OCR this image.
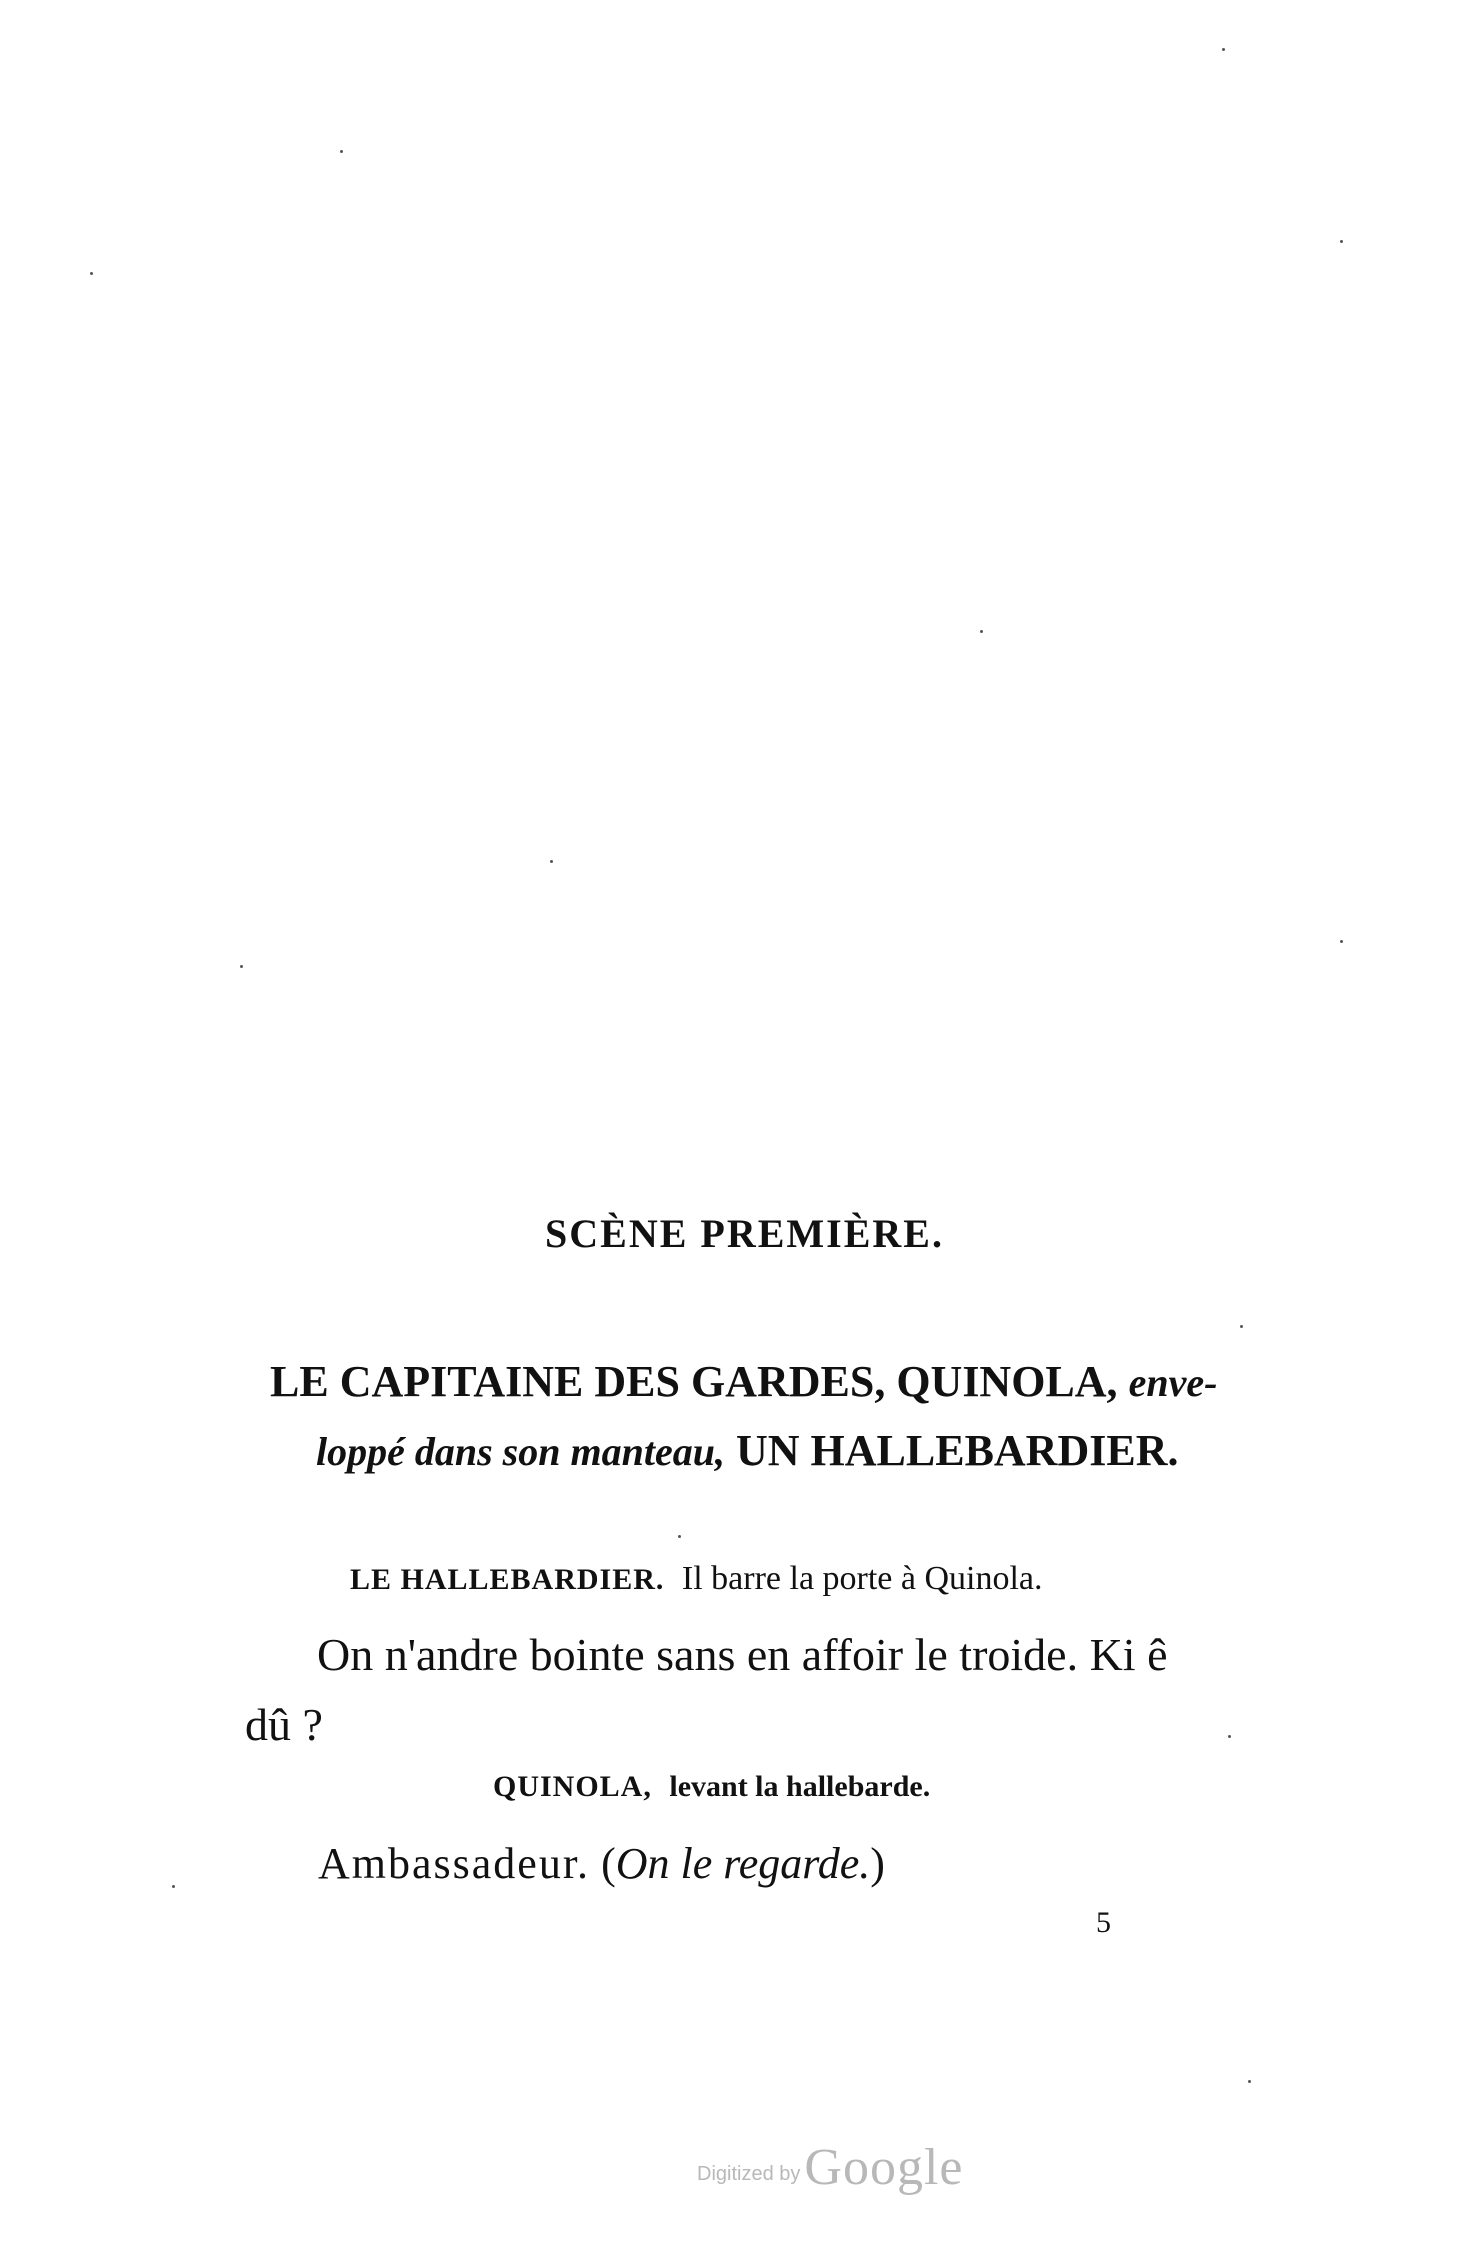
SCÈNE PREMIÈRE.
LE CAPITAINE DES GARDES, QUINOLA, enve-
loppé dans son manteau, UN HALLEBARDIER.
LE HALLEBARDIER. Il barre la porte à Quinola.
On n'andre bointe sans en affoir le troide. Ki ê
dû ?
QUINOLA, levant la hallebarde.
Ambassadeur. (On le regarde.)
5
Digitized by Google
